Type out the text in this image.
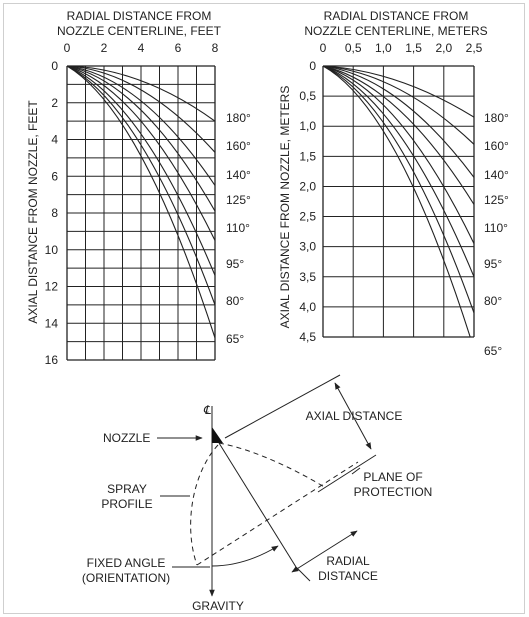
RADIAL DISTANCE FROM
NOZZLE CENTERLINE, FEET
0	2	4	6	8
0
2
4
6
8
10
12
14
16
180°
160°
140°
125°
110°
95°
80°
65°
AXIAL DISTANCE FROM NOZZLE, FEET
RADIAL DISTANCE FROM
NOZZLE CENTERLINE, METERS
0 0,5 1,0 1,5 2,0 2,5
0
0,5
1,0
1,5
2,0
2,5
3,0
3,5
4,0
4,5
180°
160°
140°
125°
110°
95°
80°
65°
AXIAL DISTANCE FROM NOZZLE, METERS
℄
NOZZLE
SPRAY
PROFILE
FIXED ANGLE
(ORIENTATION)
GRAVITY
AXIAL DISTANCE
PLANE OF
PROTECTION
RADIAL
DISTANCE
